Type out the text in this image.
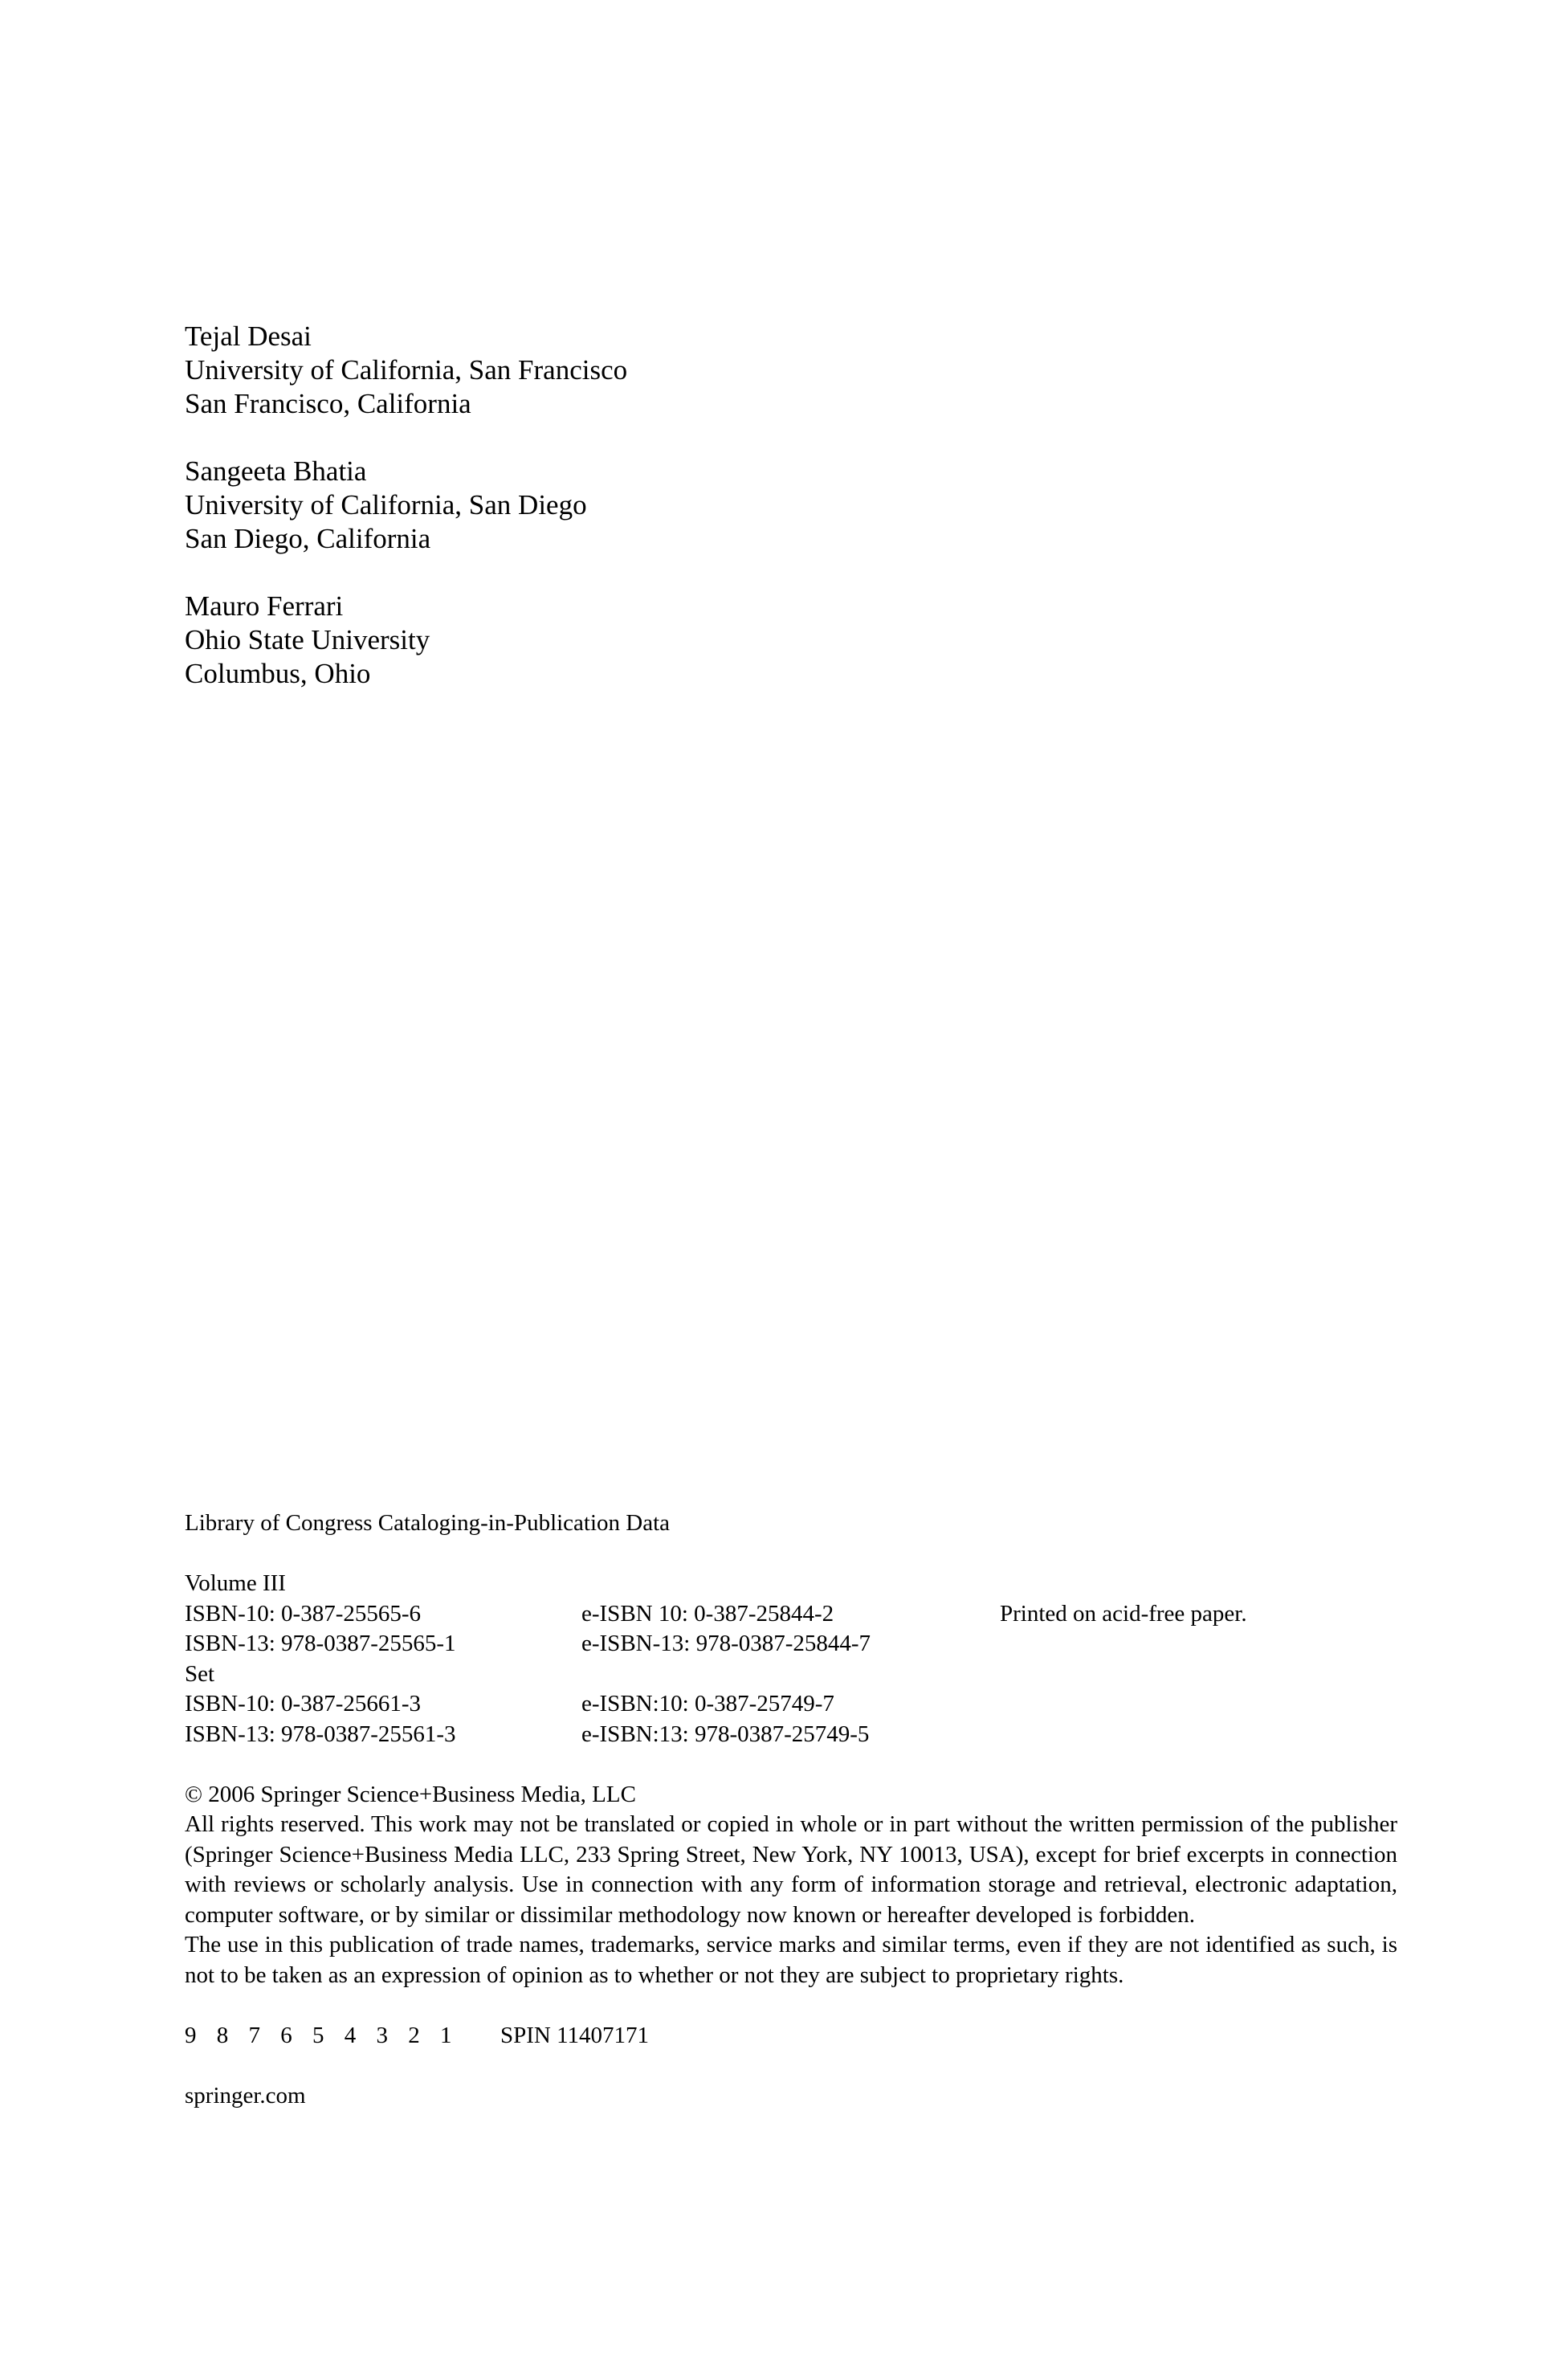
Tejal Desai
University of California, San Francisco
San Francisco, California
Sangeeta Bhatia
University of California, San Diego
San Diego, California
Mauro Ferrari
Ohio State University
Columbus, Ohio
Library of Congress Cataloging-in-Publication Data
Volume III
ISBN-10: 0-387-25565-6	e-ISBN 10: 0-387-25844-2	Printed on acid-free paper.
ISBN-13: 978-0387-25565-1	e-ISBN-13: 978-0387-25844-7
Set
ISBN-10: 0-387-25661-3	e-ISBN:10: 0-387-25749-7
ISBN-13: 978-0387-25561-3	e-ISBN:13: 978-0387-25749-5
© 2006 Springer Science+Business Media, LLC
All rights reserved. This work may not be translated or copied in whole or in part without the written permission of the publisher (Springer Science+Business Media LLC, 233 Spring Street, New York, NY 10013, USA), except for brief excerpts in connection with reviews or scholarly analysis. Use in connection with any form of information storage and retrieval, electronic adaptation, computer software, or by similar or dissimilar methodology now known or hereafter developed is forbidden.
The use in this publication of trade names, trademarks, service marks and similar terms, even if they are not identified as such, is not to be taken as an expression of opinion as to whether or not they are subject to proprietary rights.
9 8 7 6 5 4 3 2 1 SPIN 11407171
springer.com
